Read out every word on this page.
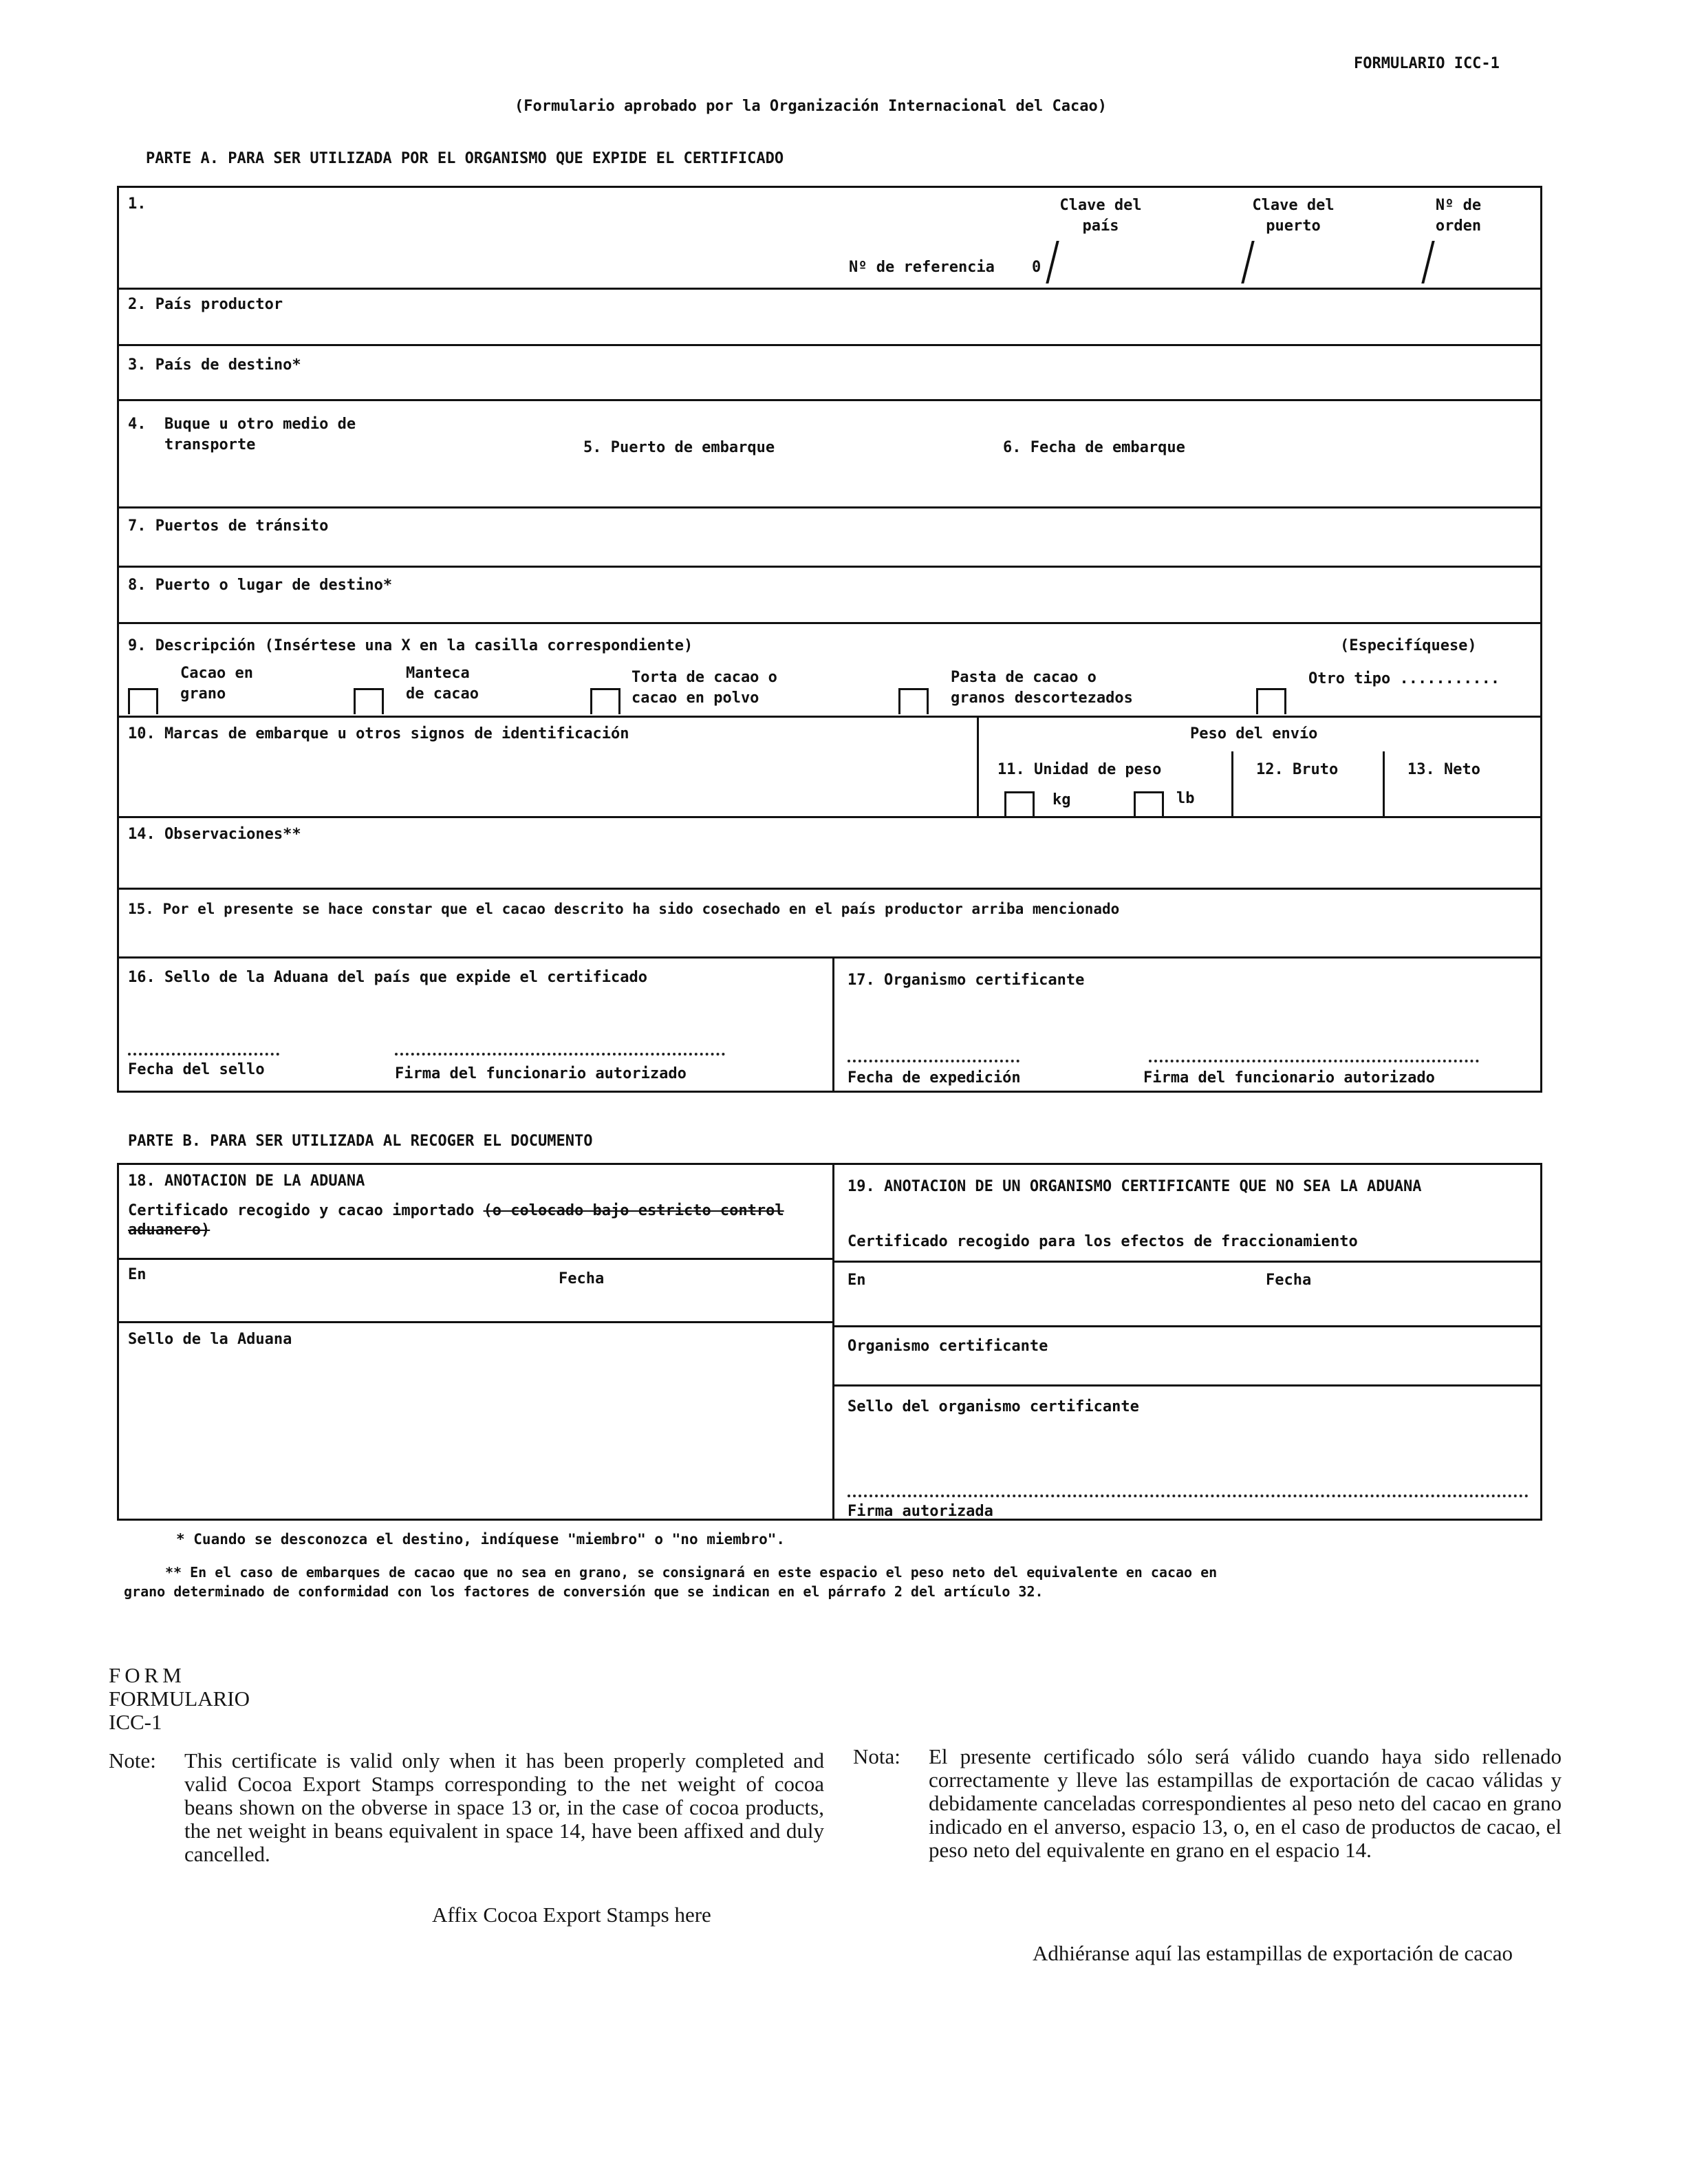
FORMULARIO ICC-1
(Formulario aprobado por la Organización Internacional del Cacao)
PARTE A. PARA SER UTILIZADA POR EL ORGANISMO QUE EXPIDE EL CERTIFICADO
1.	Clave del
país
Clave del
puerto
Nº de
orden
Nº de referencia 0
2. País productor
3. País de destino*
4.  Buque u otro medio de
transporte	5. Puerto de embarque	6. Fecha de embarque
7. Puertos de tránsito
8. Puerto o lugar de destino*
9. Descripción (Insértese una X en la casilla correspondiente)	(Especifíquese)
Cacao en
grano
Manteca
de cacao
Torta de cacao o
cacao en polvo
Pasta de cacao o
granos descortezados
Otro tipo ...........
10. Marcas de embarque u otros signos de identificación	Peso del envío
11. Unidad de peso
kg	lb
12. Bruto	13. Neto
14. Observaciones**
15. Por el presente se hace constar que el cacao descrito ha sido cosechado en el país productor arriba mencionado
16. Sello de la Aduana del país que expide el certificado
Fecha del sello	Firma del funcionario autorizado
17. Organismo certificante
Fecha de expedición	Firma del funcionario autorizado
PARTE B. PARA SER UTILIZADA AL RECOGER EL DOCUMENTO
18. ANOTACION DE LA ADUANA
Certificado recogido y cacao importado (o colocado bajo estricto control aduanero)
En	Fecha
Sello de la Aduana
19. ANOTACION DE UN ORGANISMO CERTIFICANTE QUE NO SEA LA ADUANA
Certificado recogido para los efectos de fraccionamiento
En	Fecha
Organismo certificante
Sello del organismo certificante
Firma autorizada
* Cuando se desconozca el destino, indíquese "miembro" o "no miembro".
** En el caso de embarques de cacao que no sea en grano, se consignará en este espacio el peso neto del equivalente en cacao en
grano determinado de conformidad con los factores de conversión que se indican en el párrafo 2 del artículo 32.
FORM
FORMULARIO
ICC-1
Note: This certificate is valid only when it has been properly completed and valid Cocoa Export Stamps corresponding to the net weight of cocoa beans shown on the obverse in space 13 or, in the case of cocoa products, the net weight in beans equivalent in space 14, have been affixed and duly cancelled.
Affix Cocoa Export Stamps here
Nota: El presente certificado sólo será válido cuando haya sido rellenado correctamente y lleve las estampillas de exportación de cacao válidas y debidamente canceladas correspondientes al peso neto del cacao en grano indicado en el anverso, espacio 13, o, en el caso de productos de cacao, el peso neto del equivalente en grano en el espacio 14.
Adhiéranse aquí las estampillas de exportación de cacao
